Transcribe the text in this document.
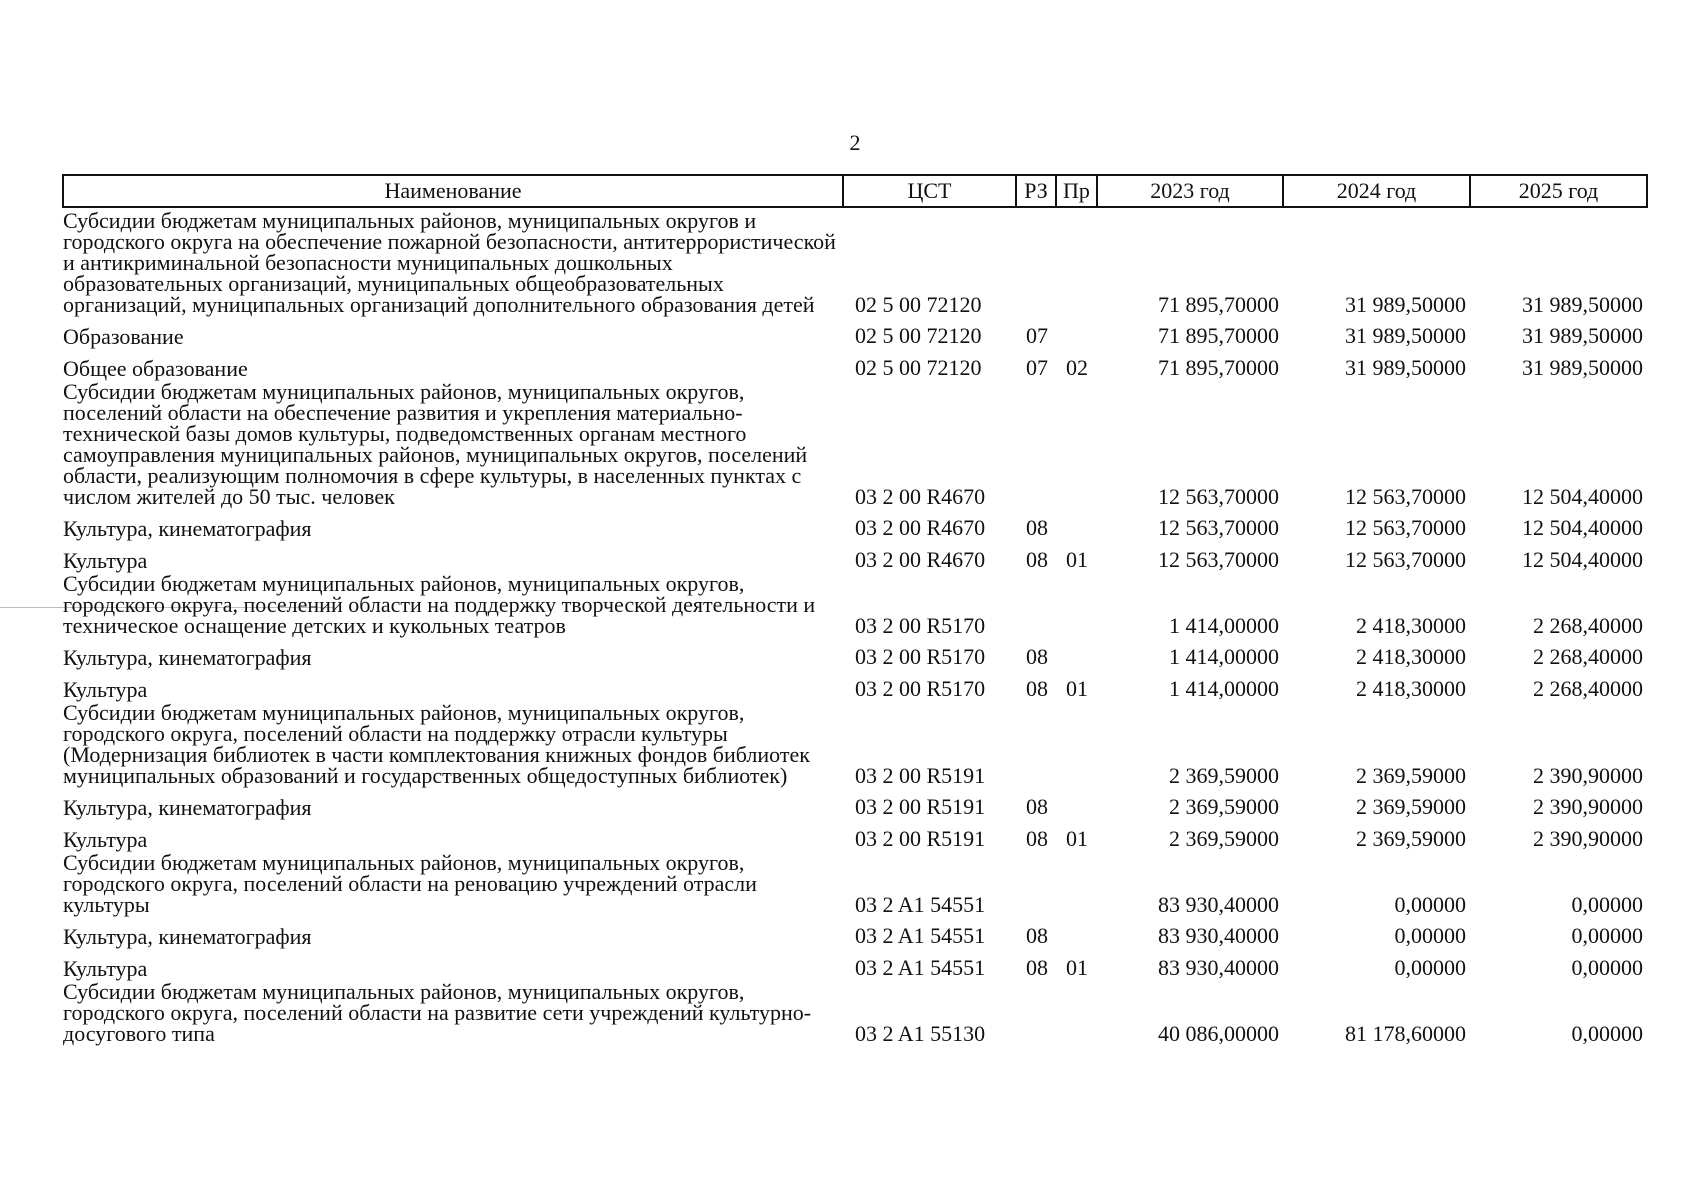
2
Наименование	ЦСТ	РЗ	Пр	2023 год	2024 год	2025 год
Субсидии бюджетам муниципальных районов, муниципальных округов и городского округа на обеспечение пожарной безопасности, антитеррористической и антикриминальной безопасности муниципальных дошкольных образовательных организаций, муниципальных общеобразовательных организаций, муниципальных организаций дополнительного образования детей	02 5 00 72120			71 895,70000	31 989,50000	31 989,50000
Образование	02 5 00 72120	07		71 895,70000	31 989,50000	31 989,50000
Общее образование	02 5 00 72120	07	02	71 895,70000	31 989,50000	31 989,50000
Субсидии бюджетам муниципальных районов, муниципальных округов, поселений области на обеспечение развития и укрепления материально-технической базы домов культуры, подведомственных органам местного самоуправления муниципальных районов, муниципальных округов, поселений области, реализующим полномочия в сфере культуры, в населенных пунктах с числом жителей до 50 тыс. человек	03 2 00 R4670			12 563,70000	12 563,70000	12 504,40000
Культура, кинематография	03 2 00 R4670	08		12 563,70000	12 563,70000	12 504,40000
Культура	03 2 00 R4670	08	01	12 563,70000	12 563,70000	12 504,40000
Субсидии бюджетам муниципальных районов, муниципальных округов, городского округа, поселений области на поддержку творческой деятельности и техническое оснащение детских и кукольных театров	03 2 00 R5170			1 414,00000	2 418,30000	2 268,40000
Культура, кинематография	03 2 00 R5170	08		1 414,00000	2 418,30000	2 268,40000
Культура	03 2 00 R5170	08	01	1 414,00000	2 418,30000	2 268,40000
Субсидии бюджетам муниципальных районов, муниципальных округов, городского округа, поселений области на поддержку отрасли культуры (Модернизация библиотек в части комплектования книжных фондов библиотек муниципальных образований и государственных общедоступных библиотек)	03 2 00 R5191			2 369,59000	2 369,59000	2 390,90000
Культура, кинематография	03 2 00 R5191	08		2 369,59000	2 369,59000	2 390,90000
Культура	03 2 00 R5191	08	01	2 369,59000	2 369,59000	2 390,90000
Субсидии бюджетам муниципальных районов, муниципальных округов, городского округа, поселений области на реновацию учреждений отрасли культуры	03 2 A1 54551			83 930,40000	0,00000	0,00000
Культура, кинематография	03 2 A1 54551	08		83 930,40000	0,00000	0,00000
Культура	03 2 A1 54551	08	01	83 930,40000	0,00000	0,00000
Субсидии бюджетам муниципальных районов, муниципальных округов, городского округа, поселений области на развитие сети учреждений культурно-досугового типа	03 2 A1 55130			40 086,00000	81 178,60000	0,00000
